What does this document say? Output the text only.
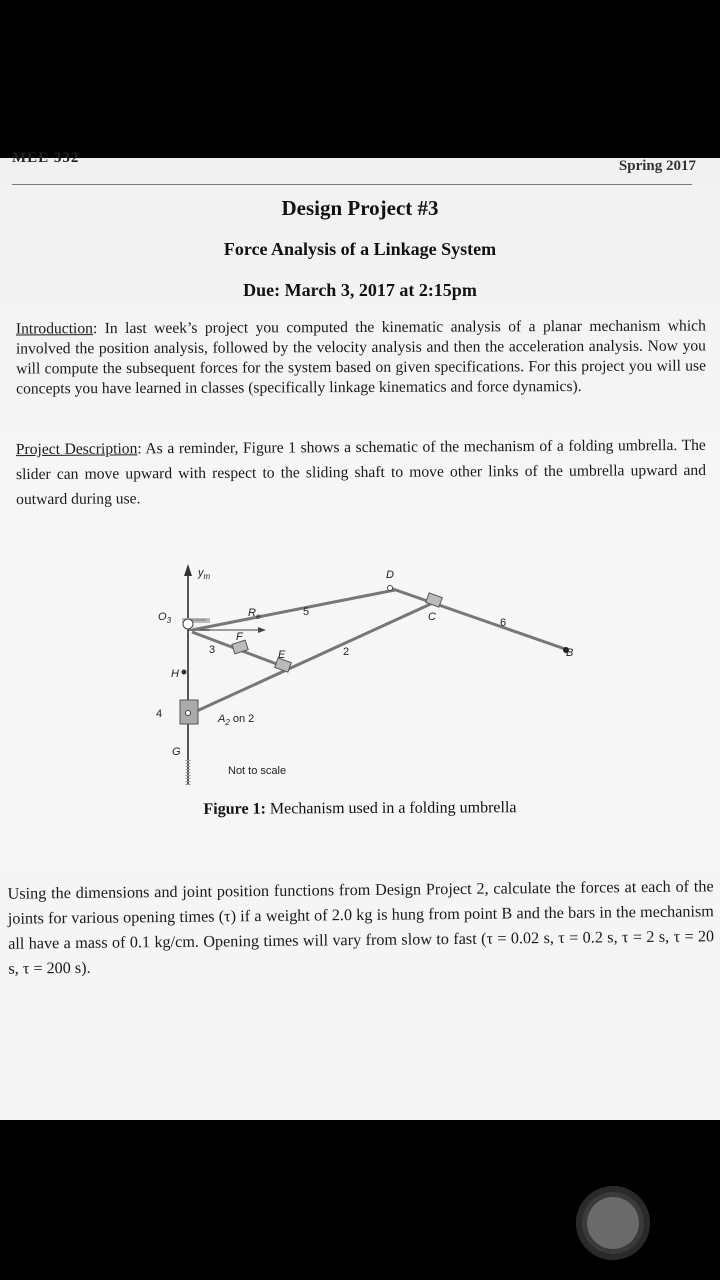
MEE 332	Spring 2017
Design Project #3
Force Analysis of a Linkage System
Due: March 3, 2017 at 2:15pm
Introduction: In last week’s project you computed the kinematic analysis of a planar mechanism which involved the position analysis, followed by the velocity analysis and then the acceleration analysis. Now you will compute the subsequent forces for the system based on given specifications. For this project you will use concepts you have learned in classes (specifically linkage kinematics and force dynamics).
Project Description: As a reminder, Figure 1 shows a schematic of the mechanism of a folding umbrella. The slider can move upward with respect to the sliding shaft to move other links of the umbrella upward and outward during use.
$y_m$
$O_3$
$R_e$	5
D
C	6
B
F
3	E	2
H
4	$A_2$ on 2
G
Not to scale
Figure 1: Mechanism used in a folding umbrella
Using the dimensions and joint position functions from Design Project 2, calculate the forces at each of the joints for various opening times (τ) if a weight of 2.0 kg is hung from point B and the bars in the mechanism all have a mass of 0.1 kg/cm. Opening times will vary from slow to fast (τ = 0.02 s, τ = 0.2 s, τ = 2 s, τ = 20 s, τ = 200 s).
